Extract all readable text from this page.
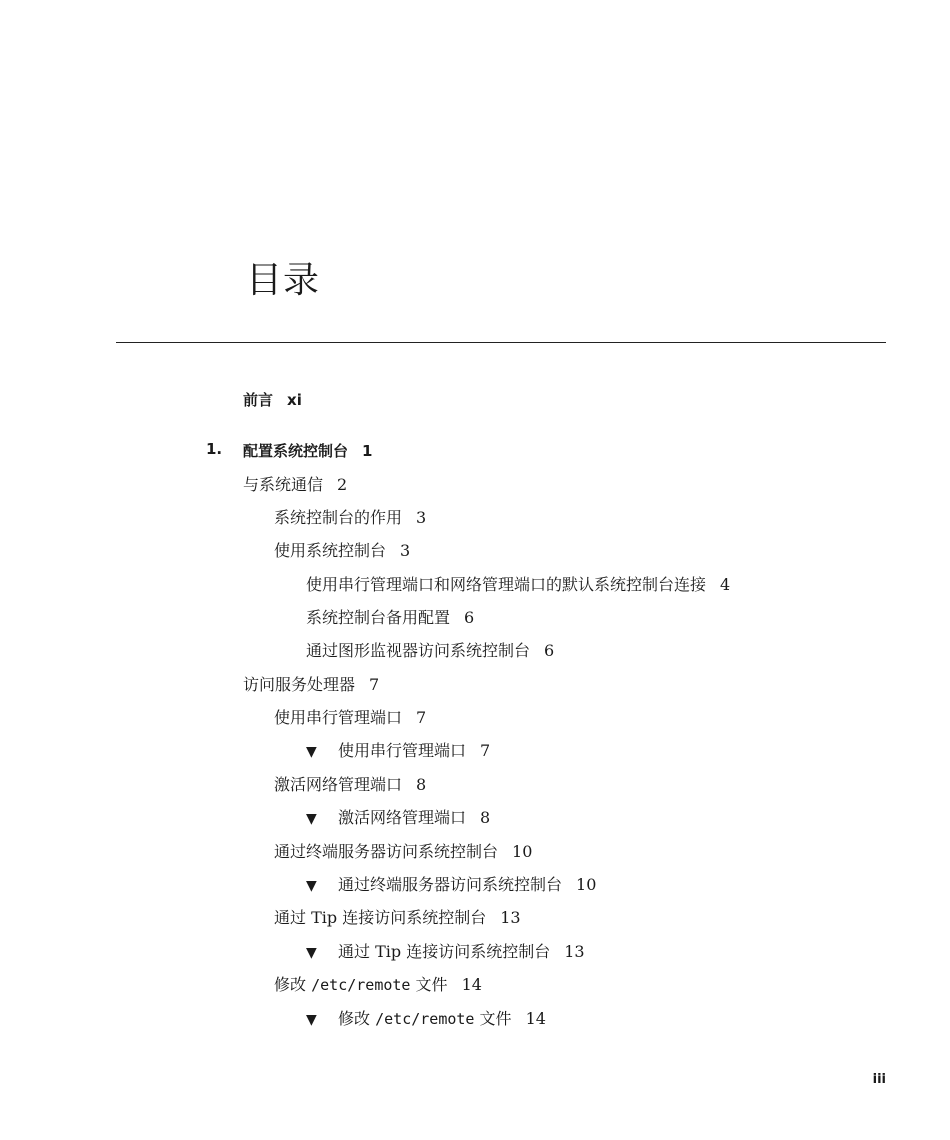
目录
前言 xi
1. 配置系统控制台 1
与系统通信 2
系统控制台的作用 3
使用系统控制台 3
使用串行管理端口和网络管理端口的默认系统控制台连接 4
系统控制台备用配置 6
通过图形监视器访问系统控制台 6
访问服务处理器 7
使用串行管理端口 7
▼ 使用串行管理端口 7
激活网络管理端口 8
▼ 激活网络管理端口 8
通过终端服务器访问系统控制台 10
▼ 通过终端服务器访问系统控制台 10
通过 Tip 连接访问系统控制台 13
▼ 通过 Tip 连接访问系统控制台 13
修改 /etc/remote 文件 14
▼ 修改 /etc/remote 文件 14
iii
